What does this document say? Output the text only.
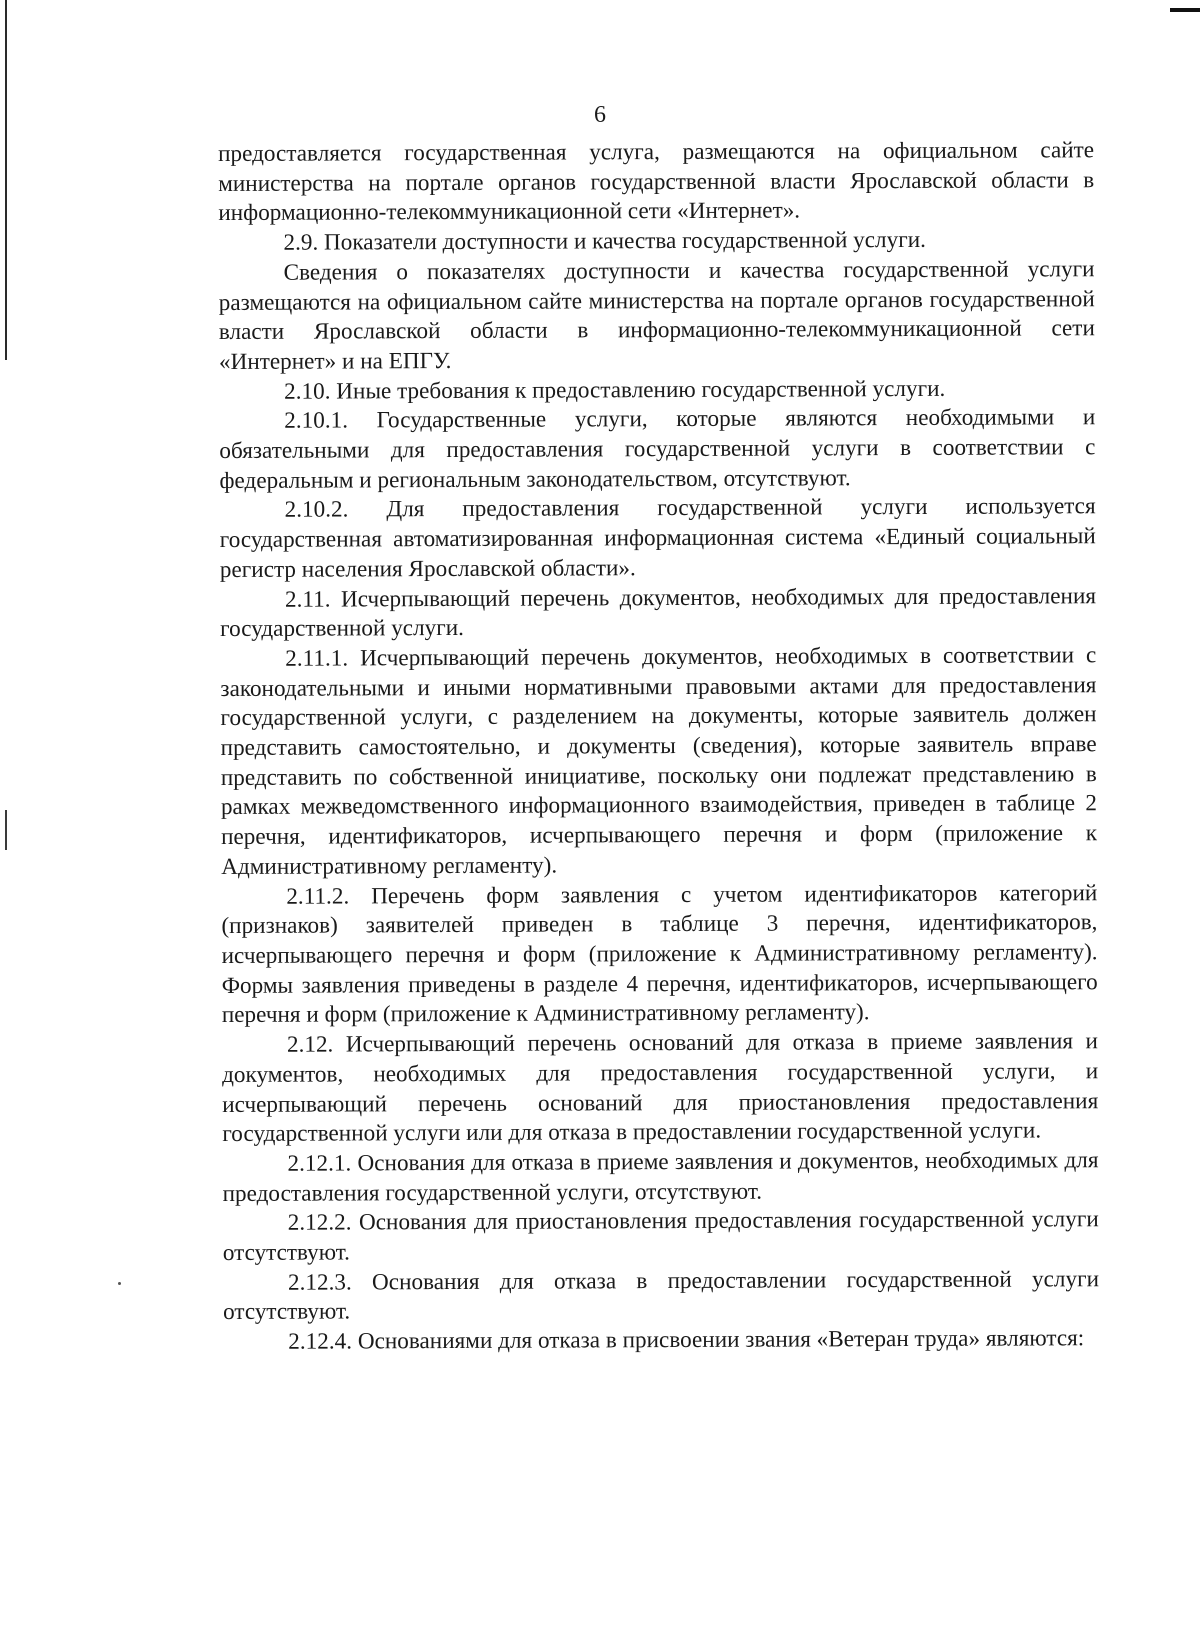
6

предоставляется государственная услуга, размещаются на официальном сайте министерства на портале органов государственной власти Ярославской области в информационно-телекоммуникационной сети «Интернет».

2.9. Показатели доступности и качества государственной услуги.

Сведения о показателях доступности и качества государственной услуги размещаются на официальном сайте министерства на портале органов государственной власти Ярославской области в информационно-телекоммуникационной сети «Интернет» и на ЕПГУ.

2.10. Иные требования к предоставлению государственной услуги.

2.10.1. Государственные услуги, которые являются необходимыми и обязательными для предоставления государственной услуги в соответствии с федеральным и региональным законодательством, отсутствуют.

2.10.2. Для предоставления государственной услуги используется государственная автоматизированная информационная система «Единый социальный регистр населения Ярославской области».

2.11. Исчерпывающий перечень документов, необходимых для предоставления государственной услуги.

2.11.1. Исчерпывающий перечень документов, необходимых в соответствии с законодательными и иными нормативными правовыми актами для предоставления государственной услуги, с разделением на документы, которые заявитель должен представить самостоятельно, и документы (сведения), которые заявитель вправе представить по собственной инициативе, поскольку они подлежат представлению в рамках межведомственного информационного взаимодействия, приведен в таблице 2 перечня, идентификаторов, исчерпывающего перечня и форм (приложение к Административному регламенту).

2.11.2. Перечень форм заявления с учетом идентификаторов категорий (признаков) заявителей приведен в таблице 3 перечня, идентификаторов, исчерпывающего перечня и форм (приложение к Административному регламенту). Формы заявления приведены в разделе 4 перечня, идентификаторов, исчерпывающего перечня и форм (приложение к Административному регламенту).

2.12. Исчерпывающий перечень оснований для отказа в приеме заявления и документов, необходимых для предоставления государственной услуги, и исчерпывающий перечень оснований для приостановления предоставления государственной услуги или для отказа в предоставлении государственной услуги.

2.12.1. Основания для отказа в приеме заявления и документов, необходимых для предоставления государственной услуги, отсутствуют.

2.12.2. Основания для приостановления предоставления государственной услуги отсутствуют.

2.12.3. Основания для отказа в предоставлении государственной услуги отсутствуют.

2.12.4. Основаниями для отказа в присвоении звания «Ветеран труда» являются:
